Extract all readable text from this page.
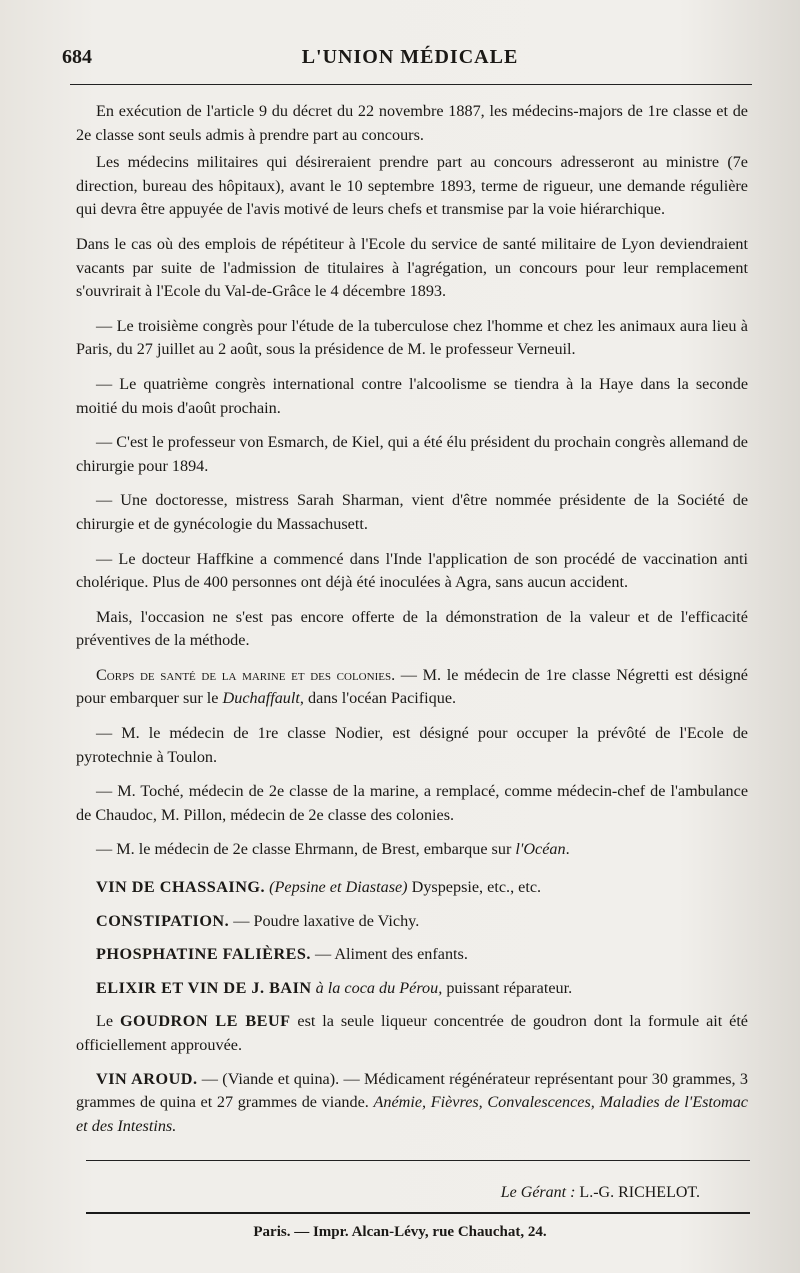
684	L'UNION MÉDICALE

En exécution de l'article 9 du décret du 22 novembre 1887, les médecins-majors de 1re classe et de 2e classe sont seuls admis à prendre part au concours.

Les médecins militaires qui désireraient prendre part au concours adresseront au ministre (7e direction, bureau des hôpitaux), avant le 10 septembre 1893, terme de rigueur, une demande régulière qui devra être appuyée de l'avis motivé de leurs chefs et transmise par la voie hiérarchique.

Dans le cas où des emplois de répétiteur à l'Ecole du service de santé militaire de Lyon deviendraient vacants par suite de l'admission de titulaires à l'agrégation, un concours pour leur remplacement s'ouvrirait à l'Ecole du Val-de-Grâce le 4 décembre 1893.

— Le troisième congrès pour l'étude de la tuberculose chez l'homme et chez les animaux aura lieu à Paris, du 27 juillet au 2 août, sous la présidence de M. le professeur Verneuil.

— Le quatrième congrès international contre l'alcoolisme se tiendra à la Haye dans la seconde moitié du mois d'août prochain.

— C'est le professeur von Esmarch, de Kiel, qui a été élu président du prochain congrès allemand de chirurgie pour 1894.

— Une doctoresse, mistress Sarah Sharman, vient d'être nommée présidente de la Société de chirurgie et de gynécologie du Massachusett.

— Le docteur Haffkine a commencé dans l'Inde l'application de son procédé de vaccination anti cholérique. Plus de 400 personnes ont déjà été inoculées à Agra, sans aucun accident.

Mais, l'occasion ne s'est pas encore offerte de la démonstration de la valeur et de l'efficacité préventives de la méthode.

Corps de santé de la marine et des colonies. — M. le médecin de 1re classe Négretti est désigné pour embarquer sur le Duchaffault, dans l'océan Pacifique.

— M. le médecin de 1re classe Nodier, est désigné pour occuper la prévôté de l'Ecole de pyrotechnie à Toulon.

— M. Toché, médecin de 2e classe de la marine, a remplacé, comme médecin-chef de l'ambulance de Chaudoc, M. Pillon, médecin de 2e classe des colonies.

— M. le médecin de 2e classe Ehrmann, de Brest, embarque sur l'Océan.

VIN DE CHASSAING. (Pepsine et Diastase) Dyspepsie, etc., etc.

CONSTIPATION. — Poudre laxative de Vichy.

PHOSPHATINE FALIÈRES. — Aliment des enfants.

ELIXIR ET VIN DE J. BAIN à la coca du Pérou, puissant réparateur.

Le GOUDRON LE BEUF est la seule liqueur concentrée de goudron dont la formule ait été officiellement approuvée.

VIN AROUD. — (Viande et quina). — Médicament régénérateur représentant pour 30 grammes, 3 grammes de quina et 27 grammes de viande. Anémie, Fièvres, Convalescences, Maladies de l'Estomac et des Intestins.

Le Gérant : L.-G. RICHELOT.
Paris. — Impr. Alcan-Lévy, rue Chauchat, 24.
